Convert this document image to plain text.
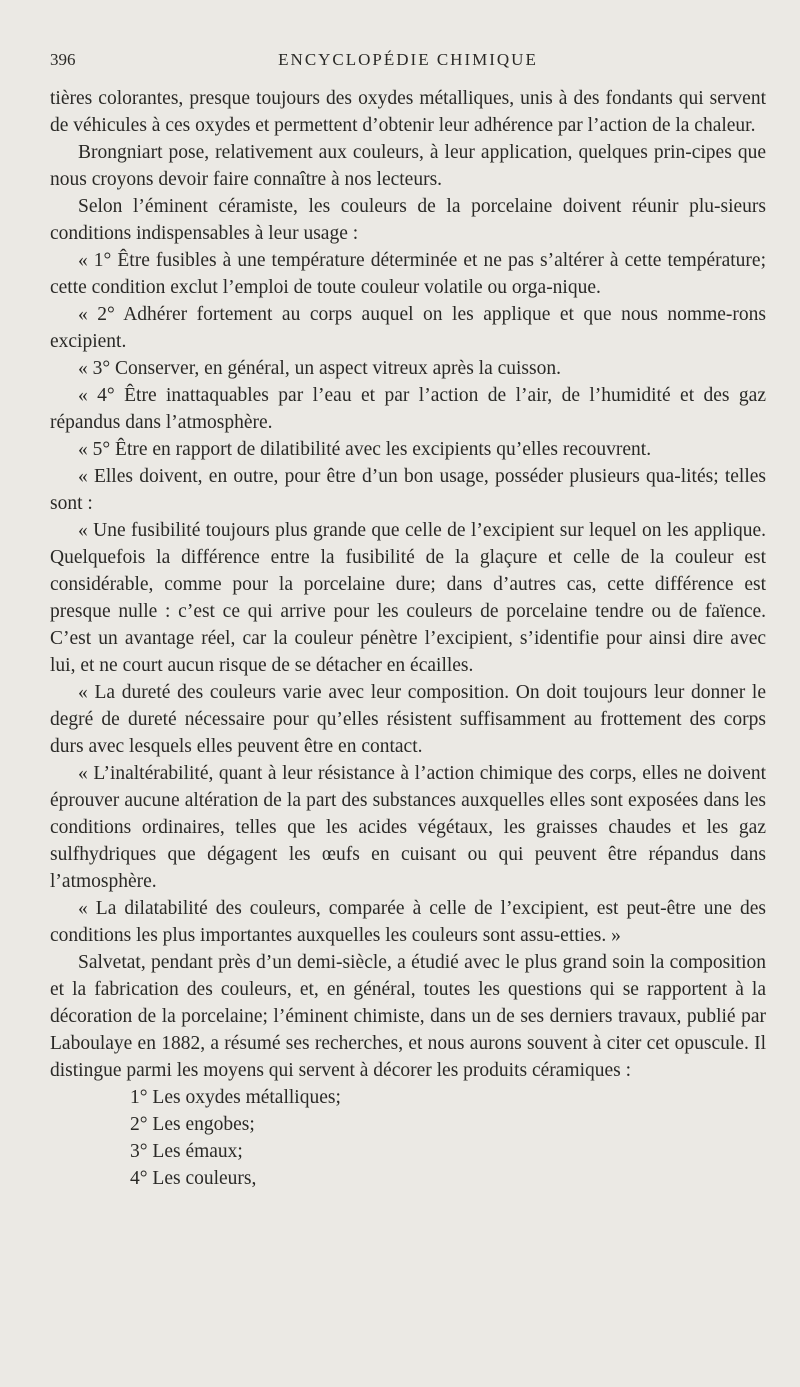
396	ENCYCLOPÉDIE CHIMIQUE

tières colorantes, presque toujours des oxydes métalliques, unis à des fondants qui servent de véhicules à ces oxydes et permettent d’obtenir leur adhérence par l’action de la chaleur.

Brongniart pose, relativement aux couleurs, à leur application, quelques prin-cipes que nous croyons devoir faire connaître à nos lecteurs.

Selon l’éminent céramiste, les couleurs de la porcelaine doivent réunir plu-sieurs conditions indispensables à leur usage :

« 1° Être fusibles à une température déterminée et ne pas s’altérer à cette température; cette condition exclut l’emploi de toute couleur volatile ou orga-nique.

« 2° Adhérer fortement au corps auquel on les applique et que nous nomme-rons excipient.

« 3° Conserver, en général, un aspect vitreux après la cuisson.

« 4° Être inattaquables par l’eau et par l’action de l’air, de l’humidité et des gaz répandus dans l’atmosphère.

« 5° Être en rapport de dilatibilité avec les excipients qu’elles recouvrent.

« Elles doivent, en outre, pour être d’un bon usage, posséder plusieurs qua-lités; telles sont :

« Une fusibilité toujours plus grande que celle de l’excipient sur lequel on les applique. Quelquefois la différence entre la fusibilité de la glaçure et celle de la couleur est considérable, comme pour la porcelaine dure; dans d’autres cas, cette différence est presque nulle : c’est ce qui arrive pour les couleurs de porcelaine tendre ou de faïence. C’est un avantage réel, car la couleur pénètre l’excipient, s’identifie pour ainsi dire avec lui, et ne court aucun risque de se détacher en écailles.

« La dureté des couleurs varie avec leur composition. On doit toujours leur donner le degré de dureté nécessaire pour qu’elles résistent suffisamment au frottement des corps durs avec lesquels elles peuvent être en contact.

« L’inaltérabilité, quant à leur résistance à l’action chimique des corps, elles ne doivent éprouver aucune altération de la part des substances auxquelles elles sont exposées dans les conditions ordinaires, telles que les acides végétaux, les graisses chaudes et les gaz sulfhydriques que dégagent les œufs en cuisant ou qui peuvent être répandus dans l’atmosphère.

« La dilatabilité des couleurs, comparée à celle de l’excipient, est peut-être une des conditions les plus importantes auxquelles les couleurs sont assu-etties. »

Salvetat, pendant près d’un demi-siècle, a étudié avec le plus grand soin la composition et la fabrication des couleurs, et, en général, toutes les questions qui se rapportent à la décoration de la porcelaine; l’éminent chimiste, dans un de ses derniers travaux, publié par Laboulaye en 1882, a résumé ses recherches, et nous aurons souvent à citer cet opuscule. Il distingue parmi les moyens qui servent à décorer les produits céramiques :

1° Les oxydes métalliques;
2° Les engobes;
3° Les émaux;
4° Les couleurs,
